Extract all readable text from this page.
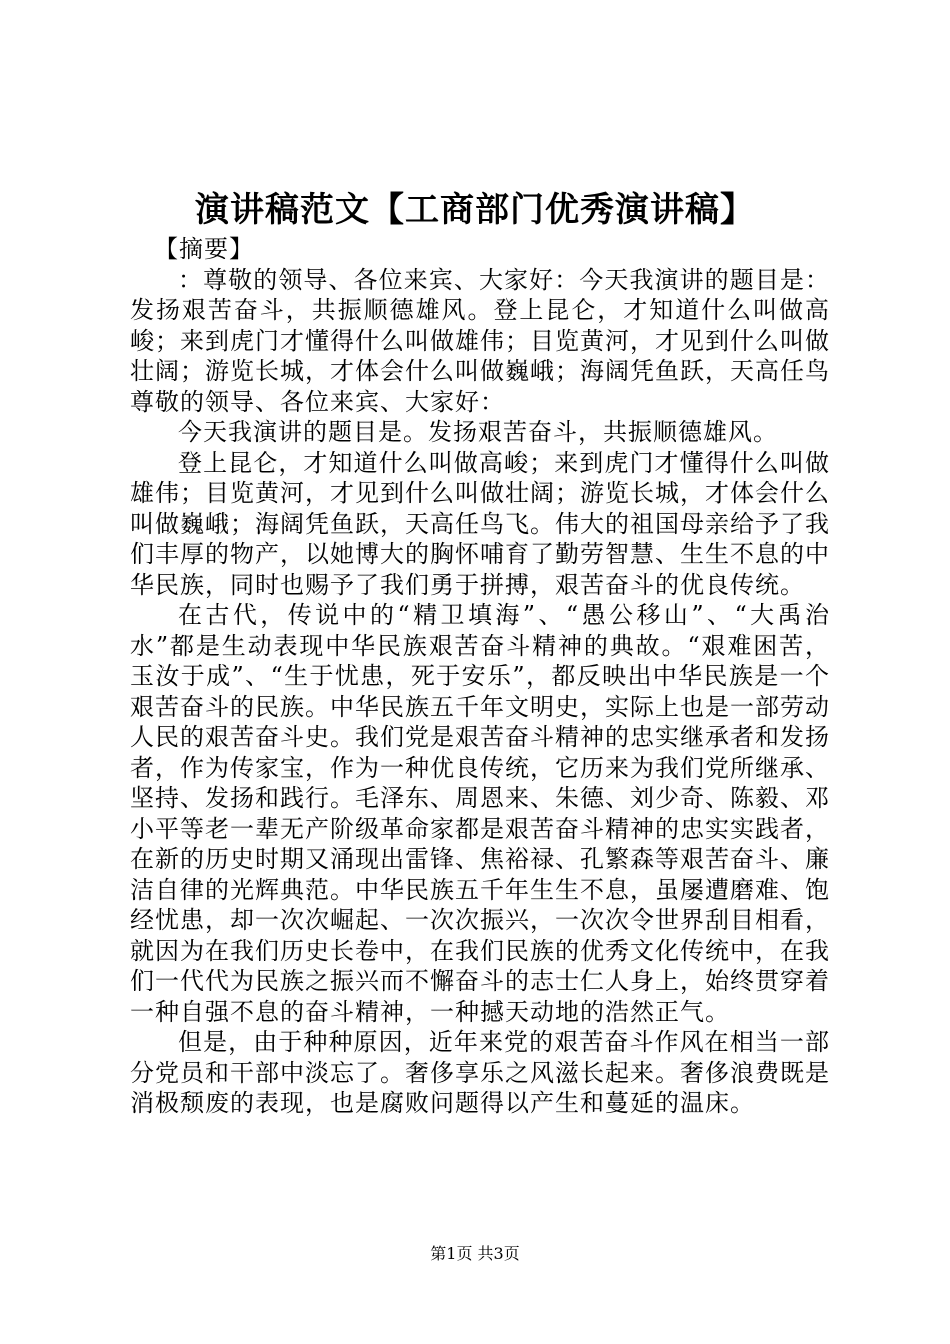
演讲稿范文【工商部门优秀演讲稿】

【摘要】

：尊敬的领导、各位来宾、大家好：今天我演讲的题目是：发扬艰苦奋斗，共振顺德雄风。登上昆仑，才知道什么叫做高峻；来到虎门才懂得什么叫做雄伟；目览黄河，才见到什么叫做壮阔；游览长城，才体会什么叫做巍峨；海阔凭鱼跃，天高任鸟尊敬的领导、各位来宾、大家好：

今天我演讲的题目是。发扬艰苦奋斗，共振顺德雄风。

登上昆仑，才知道什么叫做高峻；来到虎门才懂得什么叫做雄伟；目览黄河，才见到什么叫做壮阔；游览长城，才体会什么叫做巍峨；海阔凭鱼跃，天高任鸟飞。伟大的祖国母亲给予了我们丰厚的物产，以她博大的胸怀哺育了勤劳智慧、生生不息的中华民族，同时也赐予了我们勇于拼搏，艰苦奋斗的优良传统。

在古代，传说中的“精卫填海”、“愚公移山”、“大禹治水”都是生动表现中华民族艰苦奋斗精神的典故。“艰难困苦，玉汝于成”、“生于忧患，死于安乐”，都反映出中华民族是一个艰苦奋斗的民族。中华民族五千年文明史，实际上也是一部劳动人民的艰苦奋斗史。我们党是艰苦奋斗精神的忠实继承者和发扬者，作为传家宝，作为一种优良传统，它历来为我们党所继承、坚持、发扬和践行。毛泽东、周恩来、朱德、刘少奇、陈毅、邓小平等老一辈无产阶级革命家都是艰苦奋斗精神的忠实实践者，在新的历史时期又涌现出雷锋、焦裕禄、孔繁森等艰苦奋斗、廉洁自律的光辉典范。中华民族五千年生生不息，虽屡遭磨难、饱经忧患，却一次次崛起、一次次振兴，一次次令世界刮目相看，就因为在我们历史长卷中，在我们民族的优秀文化传统中，在我们一代代为民族之振兴而不懈奋斗的志士仁人身上，始终贯穿着一种自强不息的奋斗精神，一种撼天动地的浩然正气。

但是，由于种种原因，近年来党的艰苦奋斗作风在相当一部分党员和干部中淡忘了。奢侈享乐之风滋长起来。奢侈浪费既是消极颓废的表现，也是腐败问题得以产生和蔓延的温床。

第1页 共3页
